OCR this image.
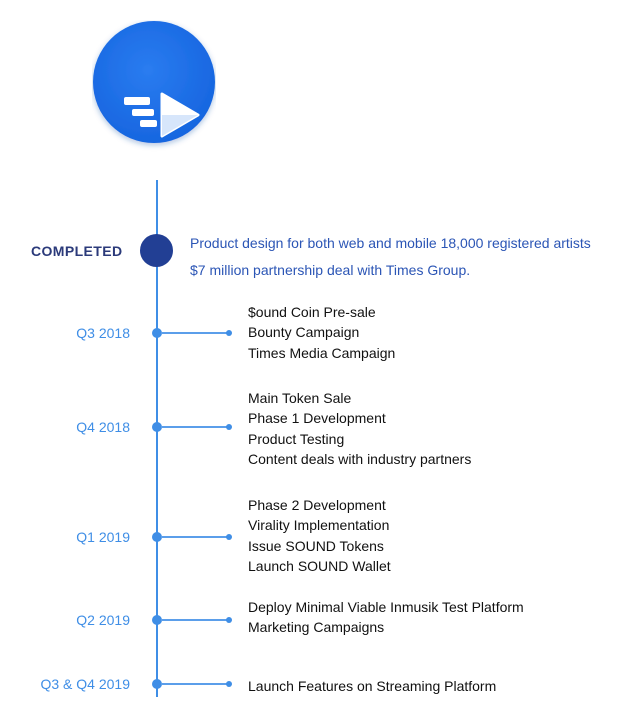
COMPLETED	Product design for both web and mobile 18,000 registered artists
$7 million partnership deal with Times Group.
Q3 2018
$ound Coin Pre-sale
Bounty Campaign
Times Media Campaign
Q4 2018
Main Token Sale
Phase 1 Development
Product Testing
Content deals with industry partners
Q1 2019
Phase 2 Development
Virality Implementation
Issue SOUND Tokens
Launch SOUND Wallet
Q2 2019
Deploy Minimal Viable Inmusik Test Platform
Marketing Campaigns
Q3 & Q4 2019	Launch Features on Streaming Platform
